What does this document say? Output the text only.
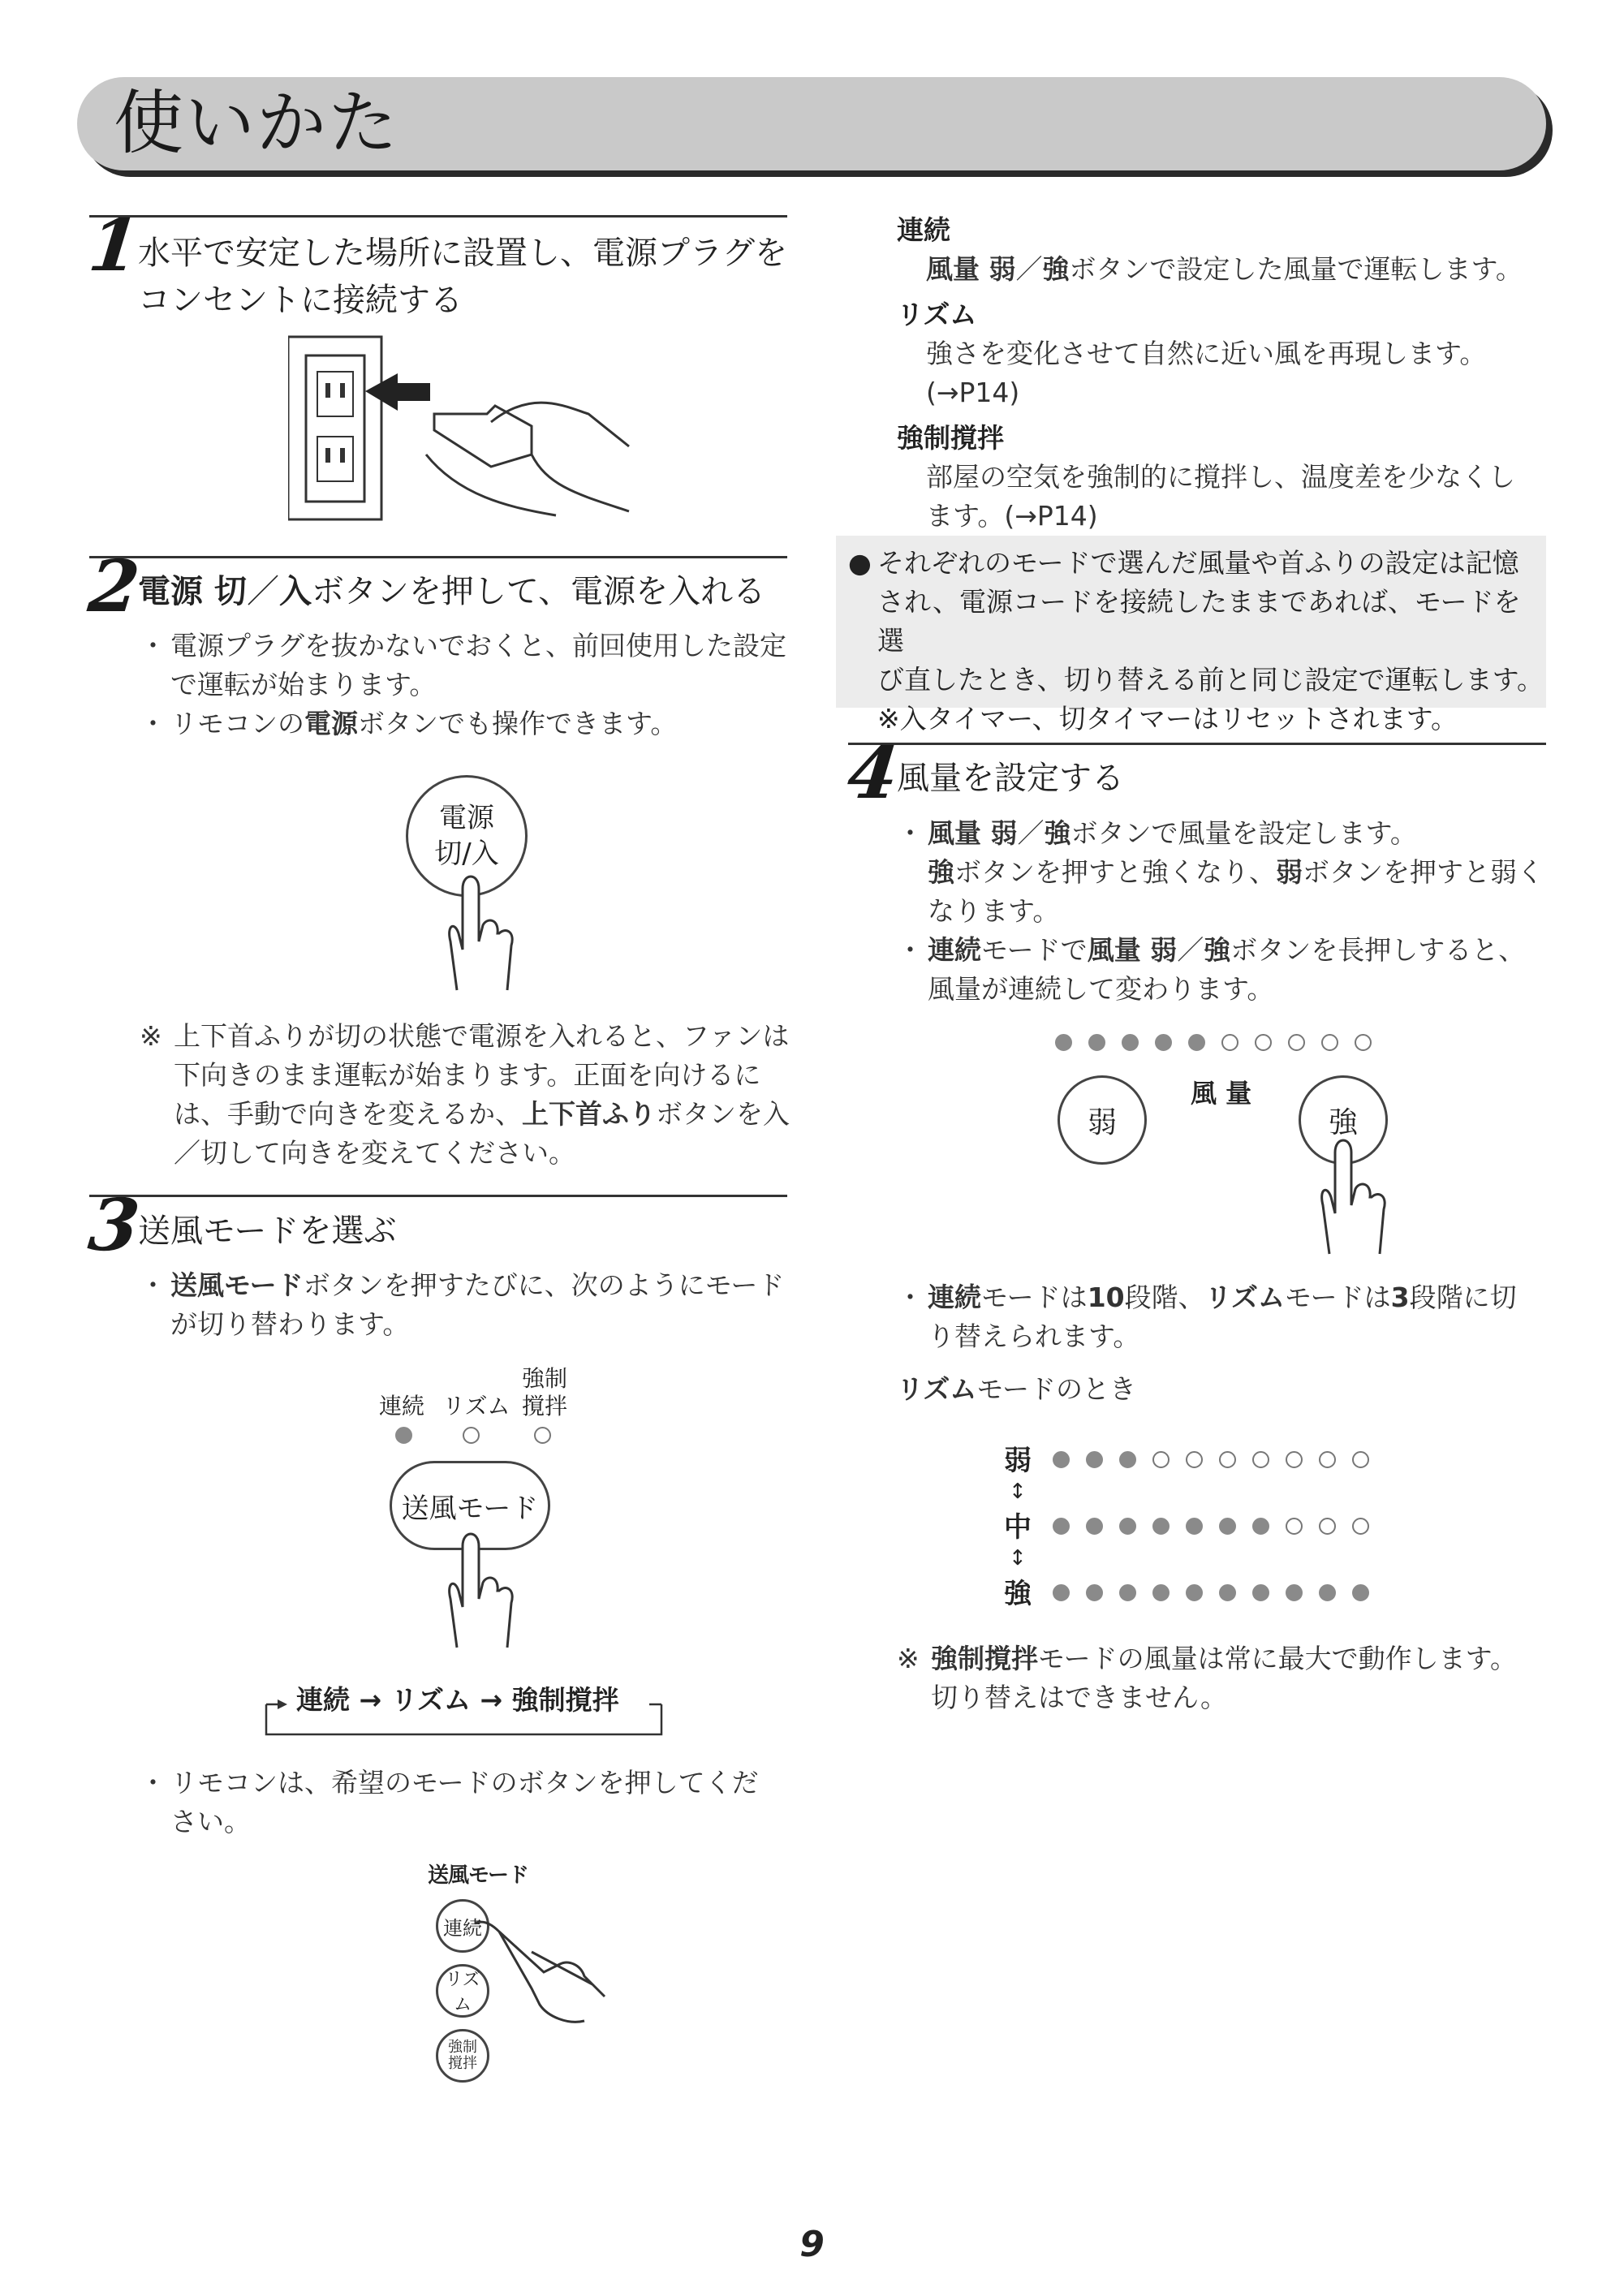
使いかた
1
水平で安定した場所に設置し、電源プラグを
コンセントに接続する
2
電源 切／入ボタンを押して、電源を入れる
・ 電源プラグを抜かないでおくと、前回使用した設定
で運転が始まります。
・ リモコンの電源ボタンでも操作できます。
電源
切/入
※ 上下首ふりが切の状態で電源を入れると、ファンは
下向きのまま運転が始まります。正面を向けるに
は、手動で向きを変えるか、上下首ふりボタンを入
／切して向きを変えてください。
3
送風モードを選ぶ
・ 送風モードボタンを押すたびに、次のようにモード
が切り替わります。
連続 リズム
強制
撹拌
送風モード
連続 → リズム → 強制撹拌
・ リモコンは、希望のモードのボタンを押してくだ
さい。
送風モード
連続
リズム
強制
撹拌
連続
風量 弱／強ボタンで設定した風量で運転します。
リズム
強さを変化させて自然に近い風を再現します。
(→P14)
強制撹拌
部屋の空気を強制的に撹拌し、温度差を少なくし
ます。(→P14)
● それぞれのモードで選んだ風量や首ふりの設定は記憶
され、電源コードを接続したままであれば、モードを選
び直したとき、切り替える前と同じ設定で運転します。
※入タイマー、切タイマーはリセットされます。
4
風量を設定する
・ 風量 弱／強ボタンで風量を設定します。
強ボタンを押すと強くなり、弱ボタンを押すと弱く
なります。
・ 連続モードで風量 弱／強ボタンを長押しすると、
風量が連続して変わります。
風 量
弱	強
・ 連続モードは10段階、リズムモードは3段階に切
り替えられます。
リズムモードのとき
弱
↕
中
↕
強
※ 強制撹拌モードの風量は常に最大で動作します。
切り替えはできません。
9
